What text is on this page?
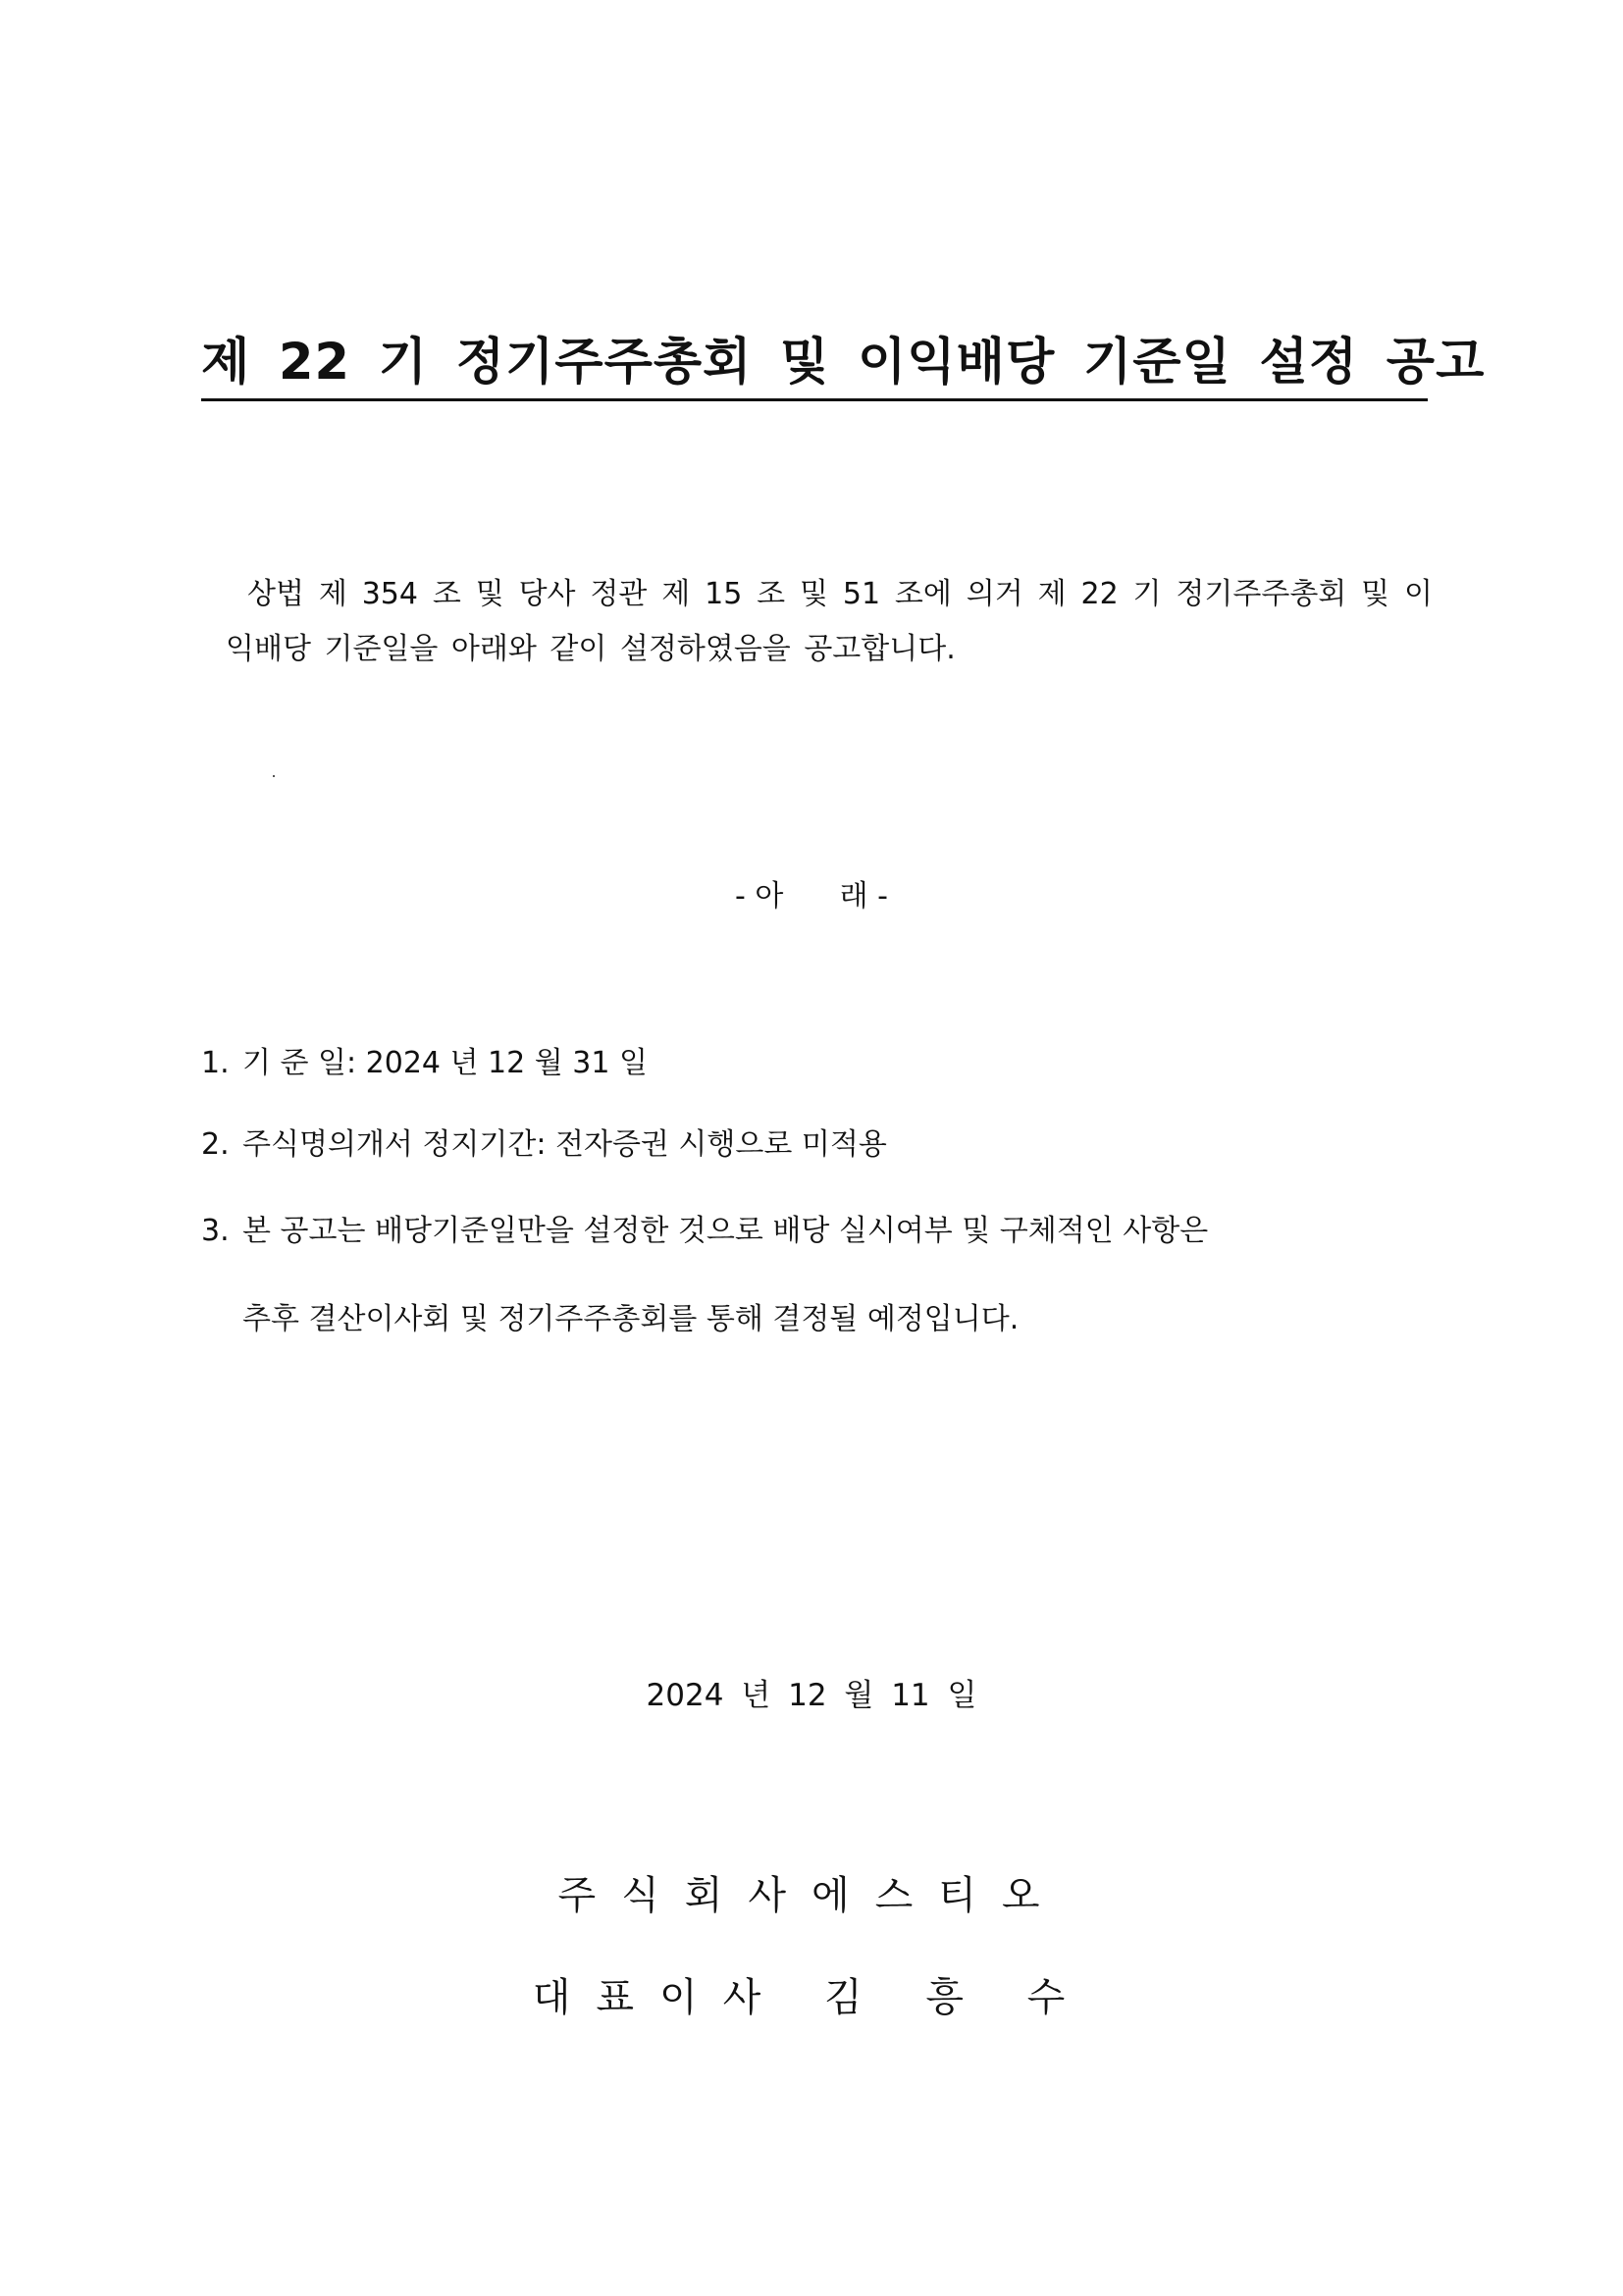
제 22 기 정기주주총회 및 이익배당 기준일 설정 공고

상법 제 354 조 및 당사 정관 제 15 조 및 51 조에 의거 제 22 기 정기주주총회 및 이익배당 기준일을 아래와 같이 설정하였음을 공고합니다.

- 아      래 -

1. 기 준 일: 2024 년 12 월 31 일

2. 주식명의개서 정지기간: 전자증권 시행으로 미적용

3. 본 공고는 배당기준일만을 설정한 것으로 배당 실시여부 및 구체적인 사항은

추후 결산이사회 및 정기주주총회를 통해 결정될 예정입니다.

2024 년 12 월 11 일

주식회사에스티오

대표이사 김 흥 수
